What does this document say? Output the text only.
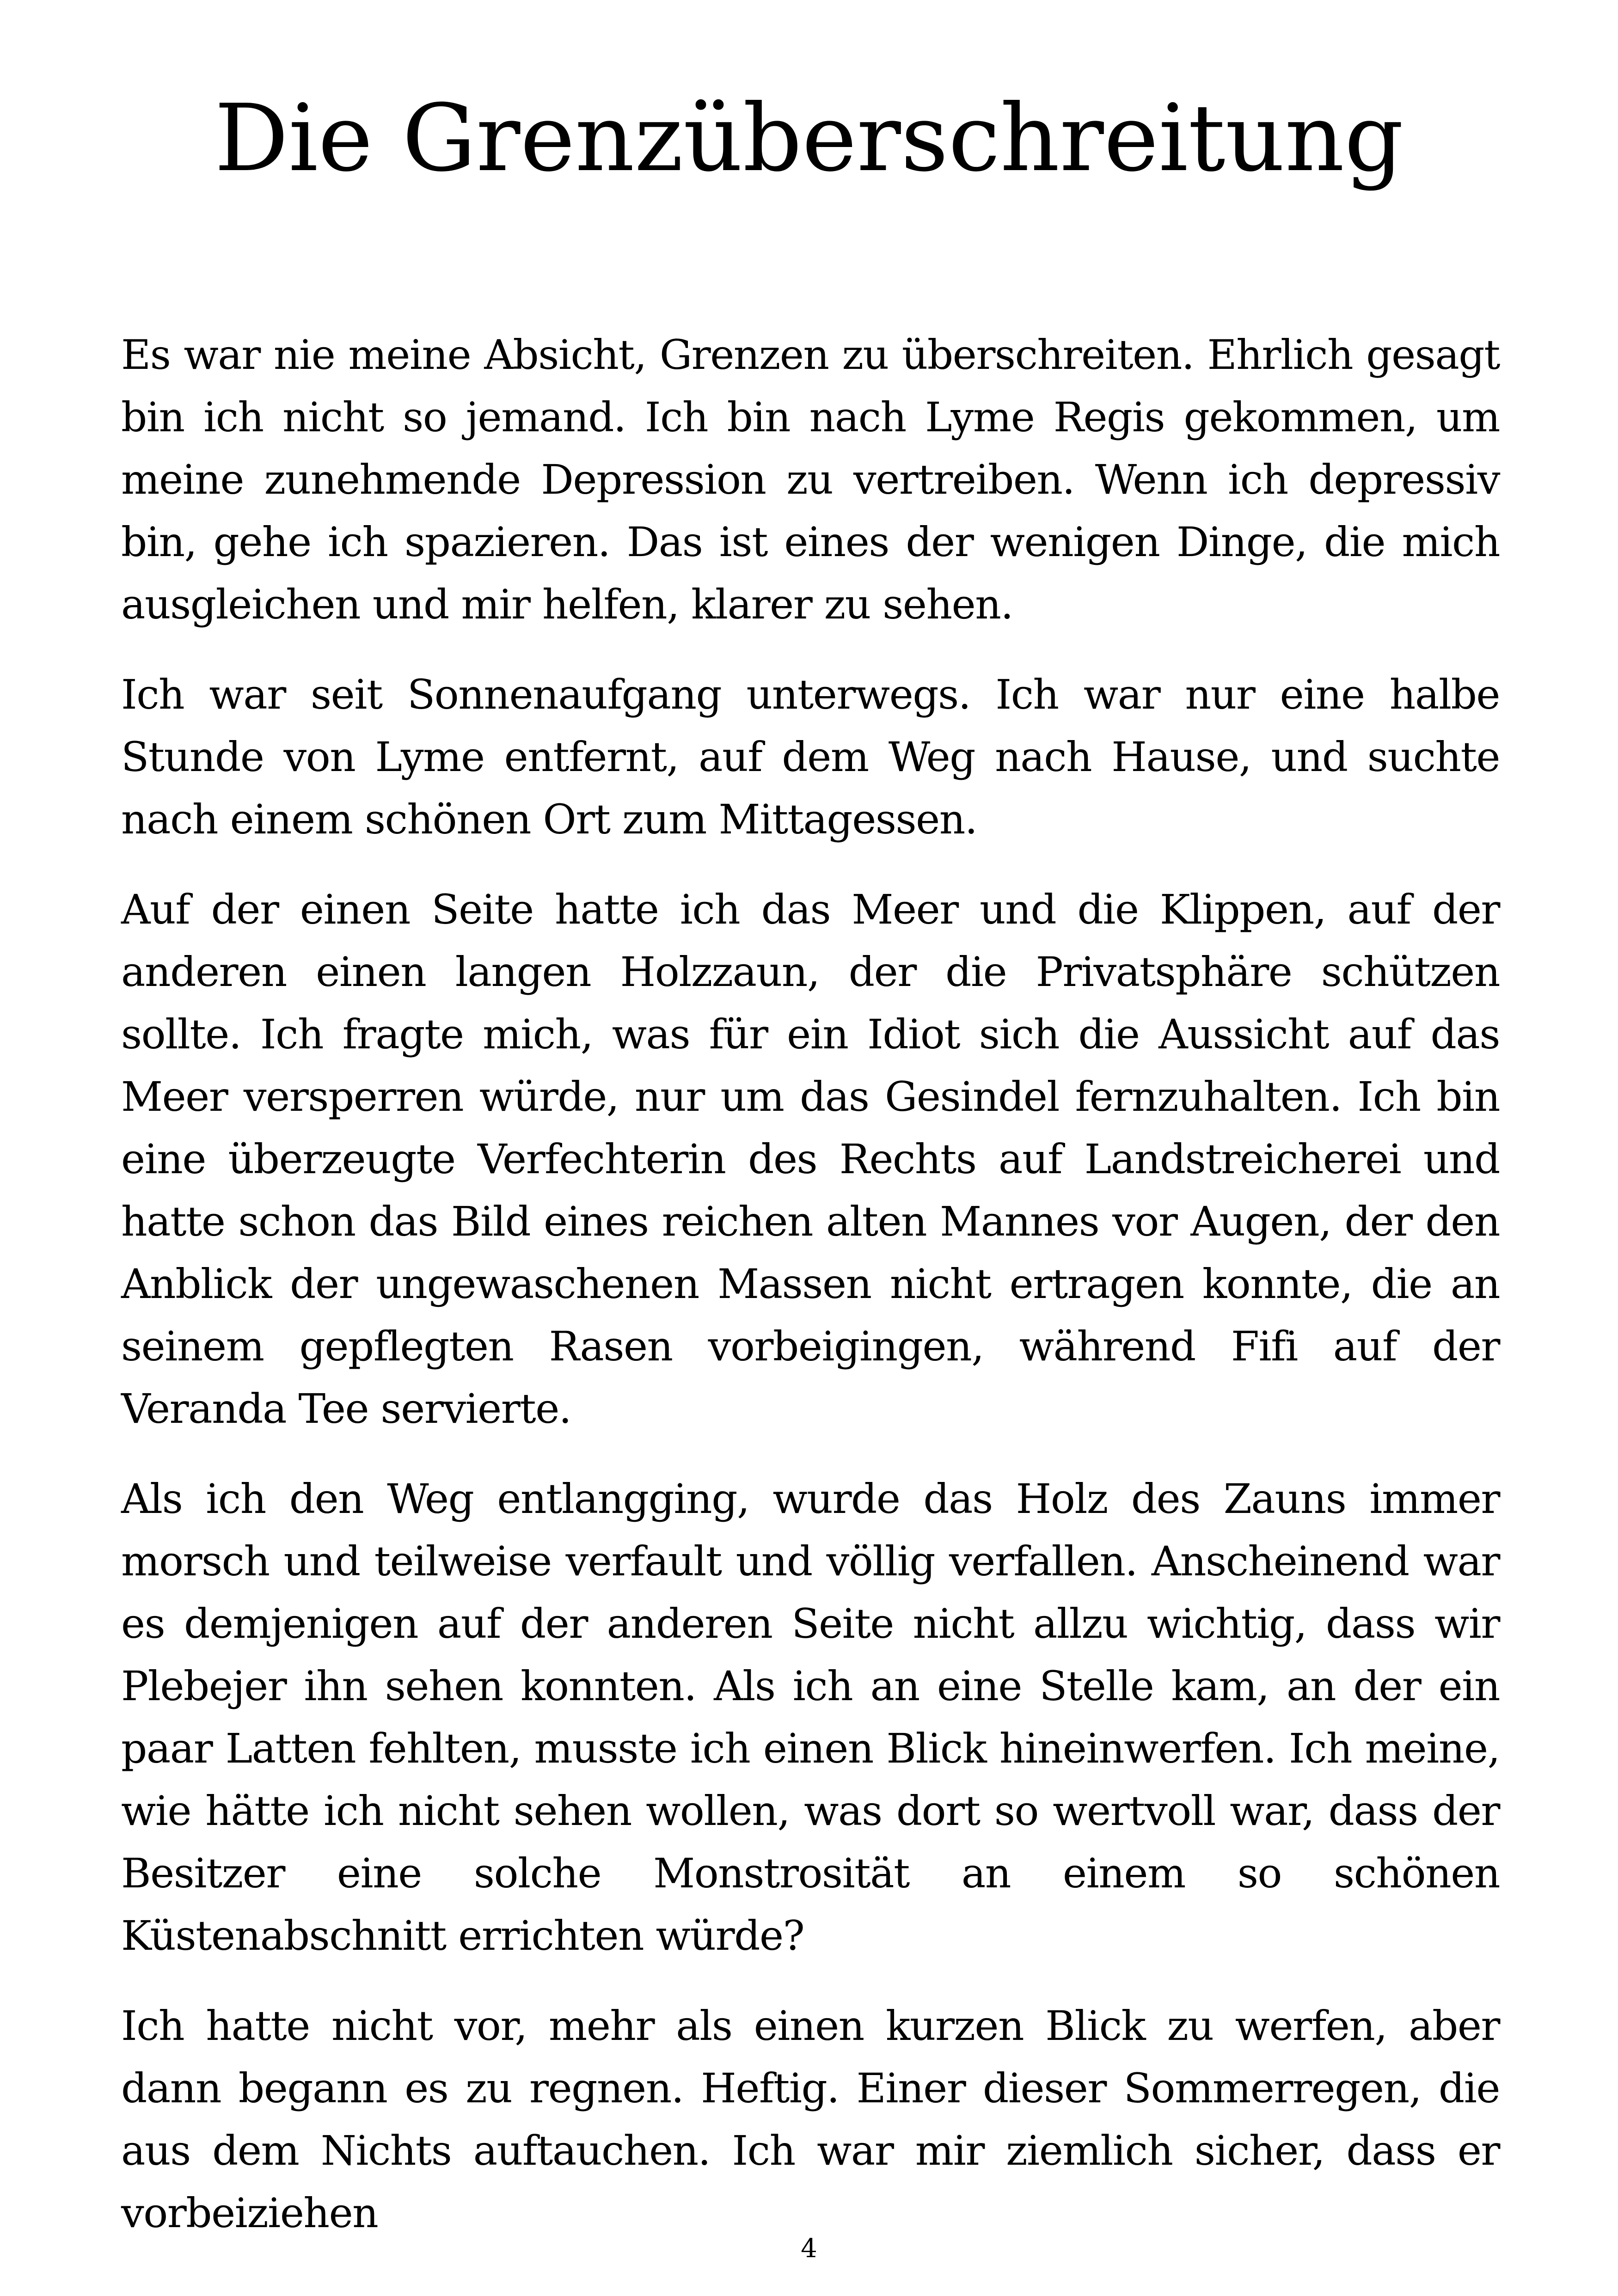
Die Grenzüberschreitung

Es war nie meine Absicht, Grenzen zu überschreiten. Ehrlich gesagt bin ich nicht so jemand. Ich bin nach Lyme Regis gekommen, um meine zunehmende Depression zu vertreiben. Wenn ich depressiv bin, gehe ich spazieren. Das ist eines der wenigen Dinge, die mich ausgleichen und mir helfen, klarer zu sehen.

Ich war seit Sonnenaufgang unterwegs. Ich war nur eine halbe Stunde von Lyme entfernt, auf dem Weg nach Hause, und suchte nach einem schönen Ort zum Mittagessen.

Auf der einen Seite hatte ich das Meer und die Klippen, auf der anderen einen langen Holzzaun, der die Privatsphäre schützen sollte. Ich fragte mich, was für ein Idiot sich die Aussicht auf das Meer versperren würde, nur um das Gesindel fernzuhalten. Ich bin eine überzeugte Verfechterin des Rechts auf Landstreicherei und hatte schon das Bild eines reichen alten Mannes vor Augen, der den Anblick der ungewaschenen Massen nicht ertragen konnte, die an seinem gepflegten Rasen vorbeigingen, während Fifi auf der Veranda Tee servierte.

Als ich den Weg entlangging, wurde das Holz des Zauns immer morsch und teilweise verfault und völlig verfallen. Anscheinend war es demjenigen auf der anderen Seite nicht allzu wichtig, dass wir Plebejer ihn sehen konnten. Als ich an eine Stelle kam, an der ein paar Latten fehlten, musste ich einen Blick hineinwerfen. Ich meine, wie hätte ich nicht sehen wollen, was dort so wertvoll war, dass der Besitzer eine solche Monstrosität an einem so schönen Küstenabschnitt errichten würde?

Ich hatte nicht vor, mehr als einen kurzen Blick zu werfen, aber dann begann es zu regnen. Heftig. Einer dieser Sommerregen, die aus dem Nichts auftauchen. Ich war mir ziemlich sicher, dass er vorbeiziehen

4
